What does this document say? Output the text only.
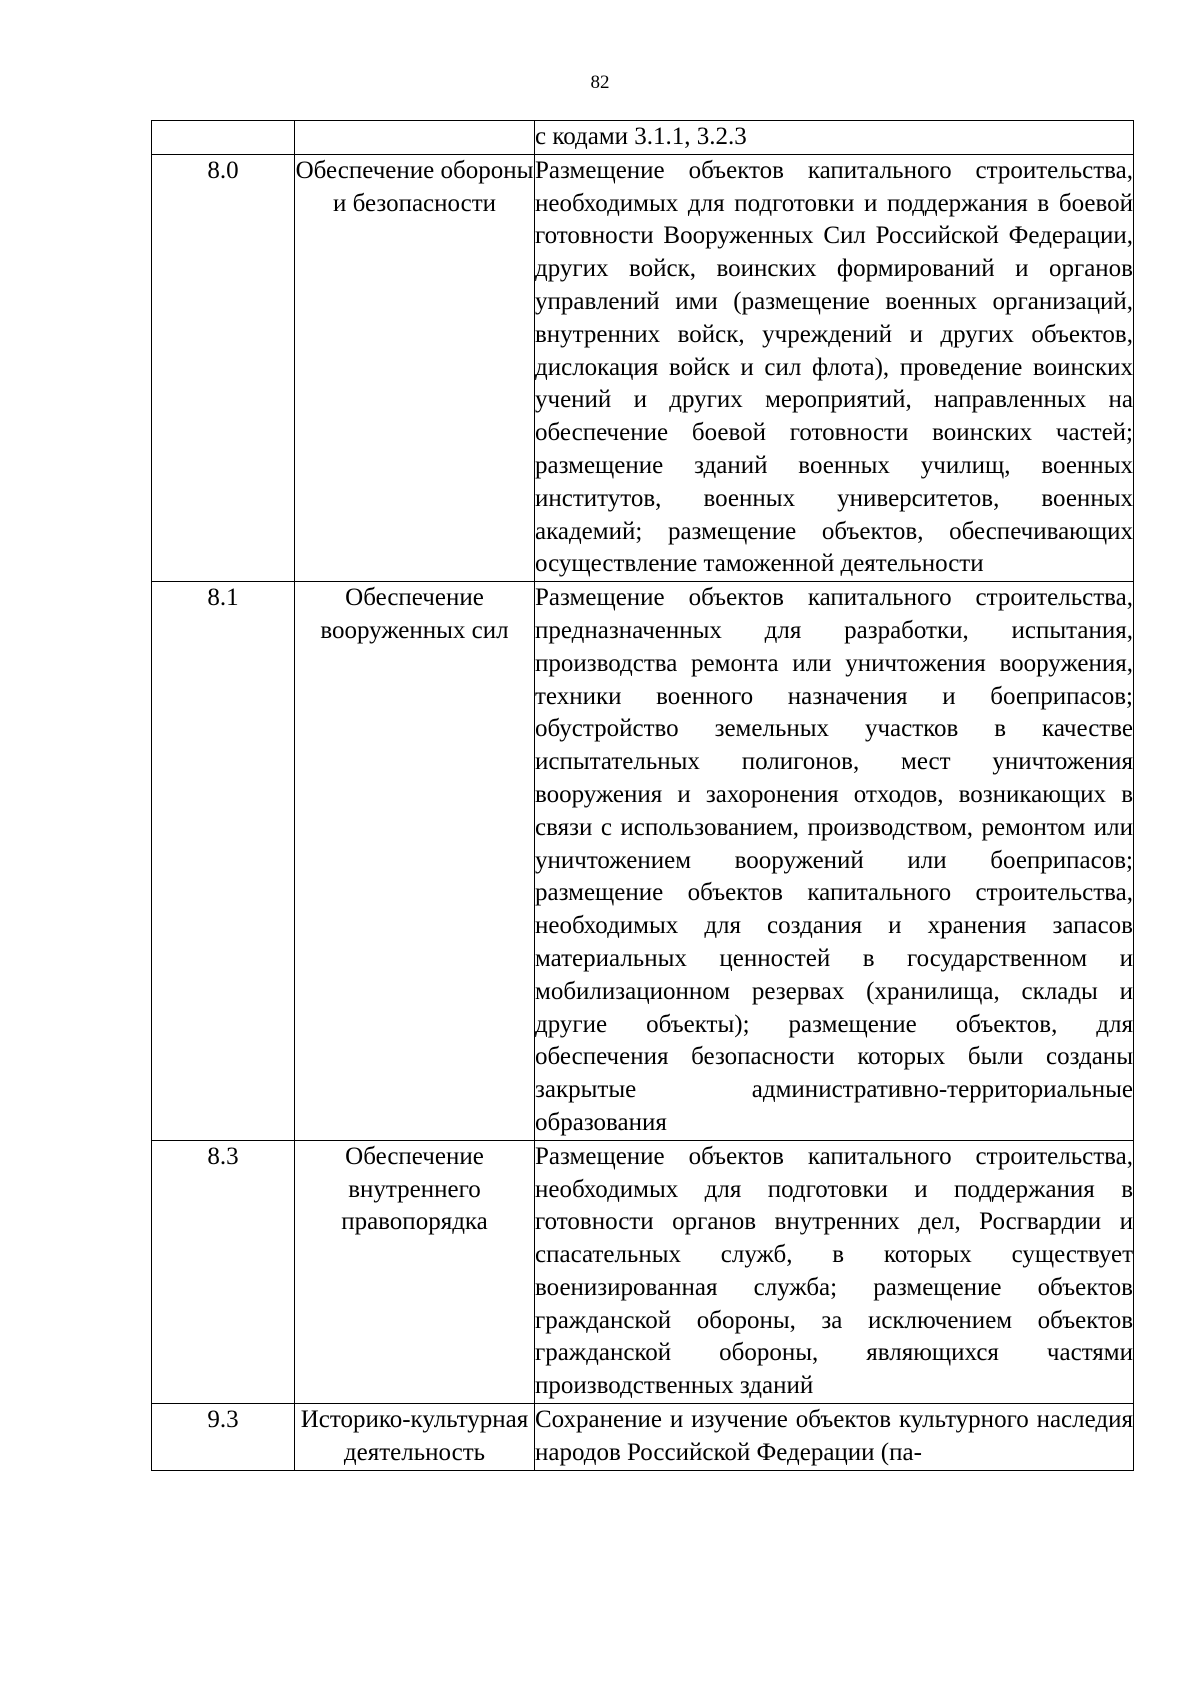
82
		с кодами 3.1.1, 3.2.3
8.0	Обеспечение обороны и безопасности	Размещение объектов капитального строительства, необходимых для подготовки и поддержания в боевой готовности Вооруженных Сил Российской Федерации, других войск, воинских формирований и органов управлений ими (размещение военных организаций, внутренних войск, учреждений и других объектов, дислокация войск и сил флота), проведение воинских учений и других мероприятий, направленных на обеспечение боевой готовности воинских частей; размещение зданий военных училищ, военных институтов, военных университетов, военных академий; размещение объектов, обеспечивающих осуществление таможенной деятельности
8.1	Обеспечение вооруженных сил	Размещение объектов капитального строительства, предназначенных для разработки, испытания, производства ремонта или уничтожения вооружения, техники военного назначения и боеприпасов; обустройство земельных участков в качестве испытательных полигонов, мест уничтожения вооружения и захоронения отходов, возникающих в связи с использованием, производством, ремонтом или уничтожением вооружений или боеприпасов; размещение объектов капитального строительства, необходимых для создания и хранения запасов материальных ценностей в государственном и мобилизационном резервах (хранилища, склады и другие объекты); размещение объектов, для обеспечения безопасности которых были созданы закрытые административно-территориальные образования
8.3	Обеспечение внутреннего правопорядка	Размещение объектов капитального строительства, необходимых для подготовки и поддержания в готовности органов внутренних дел, Росгвардии и спасательных служб, в которых существует военизированная служба; размещение объектов гражданской обороны, за исключением объектов гражданской обороны, являющихся частями производственных зданий
9.3	Историко-культурная деятельность	Сохранение и изучение объектов культурного наследия народов Российской Федерации (па-
